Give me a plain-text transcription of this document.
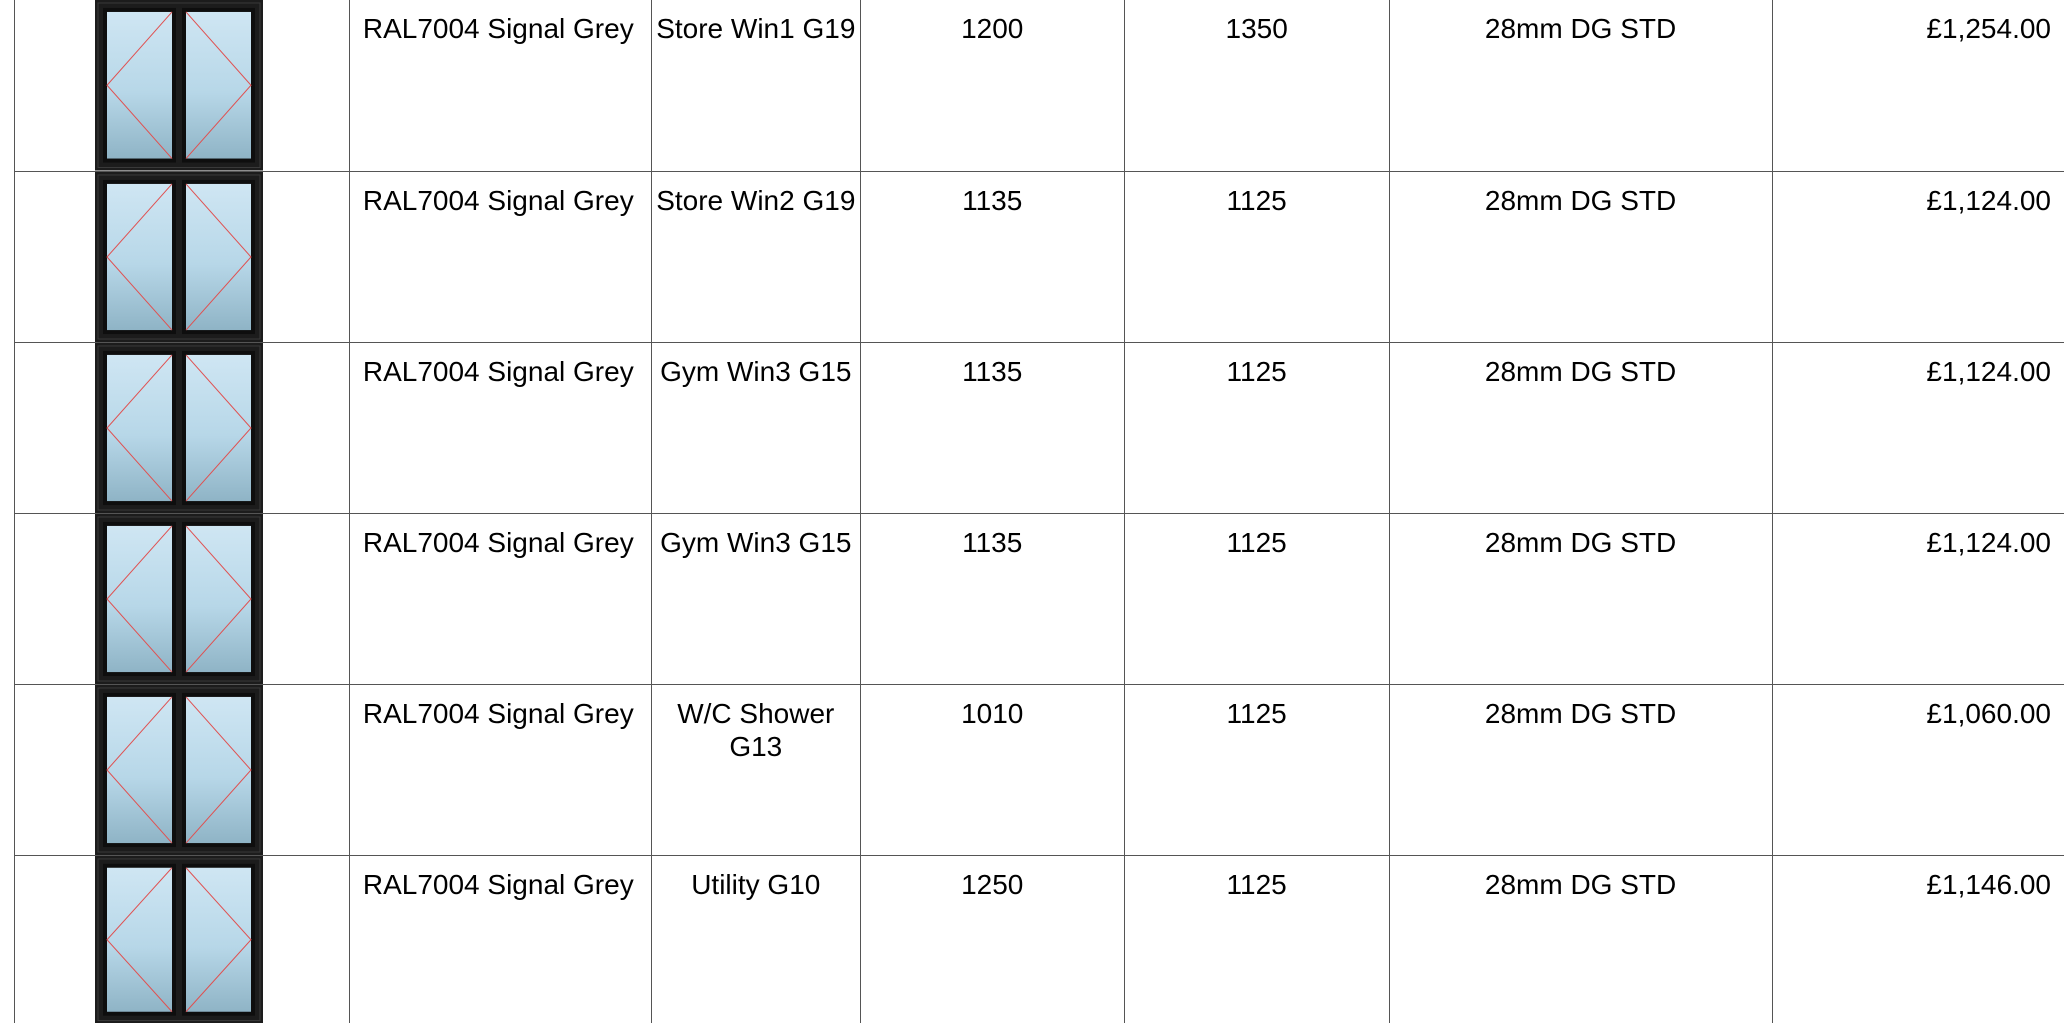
	RAL7004 Signal Grey	Store Win1 G19	1200	1350	28mm DG STD	£1,254.00

	RAL7004 Signal Grey	Store Win2 G19	1135	1125	28mm DG STD	£1,124.00

	RAL7004 Signal Grey	Gym Win3 G15	1135	1125	28mm DG STD	£1,124.00

	RAL7004 Signal Grey	Gym Win3 G15	1135	1125	28mm DG STD	£1,124.00

	RAL7004 Signal Grey	W/C Shower G13	1010	1125	28mm DG STD	£1,060.00

	RAL7004 Signal Grey	Utility G10	1250	1125	28mm DG STD	£1,146.00
